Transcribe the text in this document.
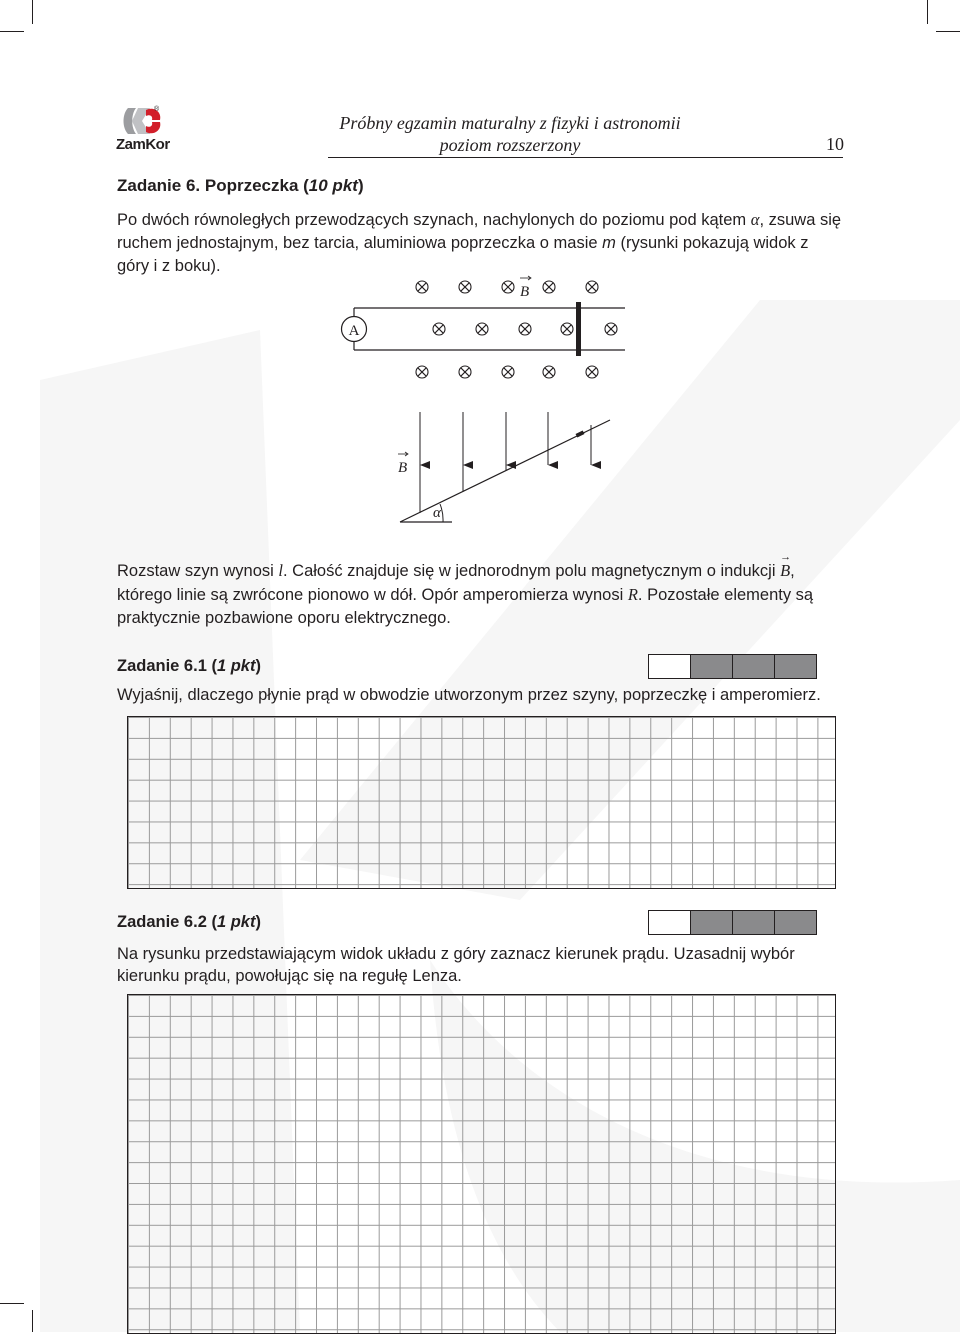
®
ZamKor
Próbny egzamin maturalny z fizyki i astronomii
poziom rozszerzony	10
Zadanie 6. Poprzeczka (10 pkt)
Po dwóch równoległych przewodzących szynach, nachylonych do poziomu pod kątem α, zsuwa się ruchem jednostajnym, bez tarcia, aluminiowa poprzeczka o masie m (rysunki pokazują widok z góry i z boku).
B
A
B
α
Rozstaw szyn wynosi l. Całość znajduje się w jednorodnym polu magnetycznym o indukcji → B, którego linie są zwrócone pionowo w dół. Opór amperomierza wynosi R. Pozostałe elementy są praktycznie pozbawione oporu elektrycznego.
Zadanie 6.1 (1 pkt)
Wyjaśnij, dlaczego płynie prąd w obwodzie utworzonym przez szyny, poprzeczkę i amperomierz.
Zadanie 6.2 (1 pkt)
Na rysunku przedstawiającym widok układu z góry zaznacz kierunek prądu. Uzasadnij wybór kierunku prądu, powołując się na regułę Lenza.
